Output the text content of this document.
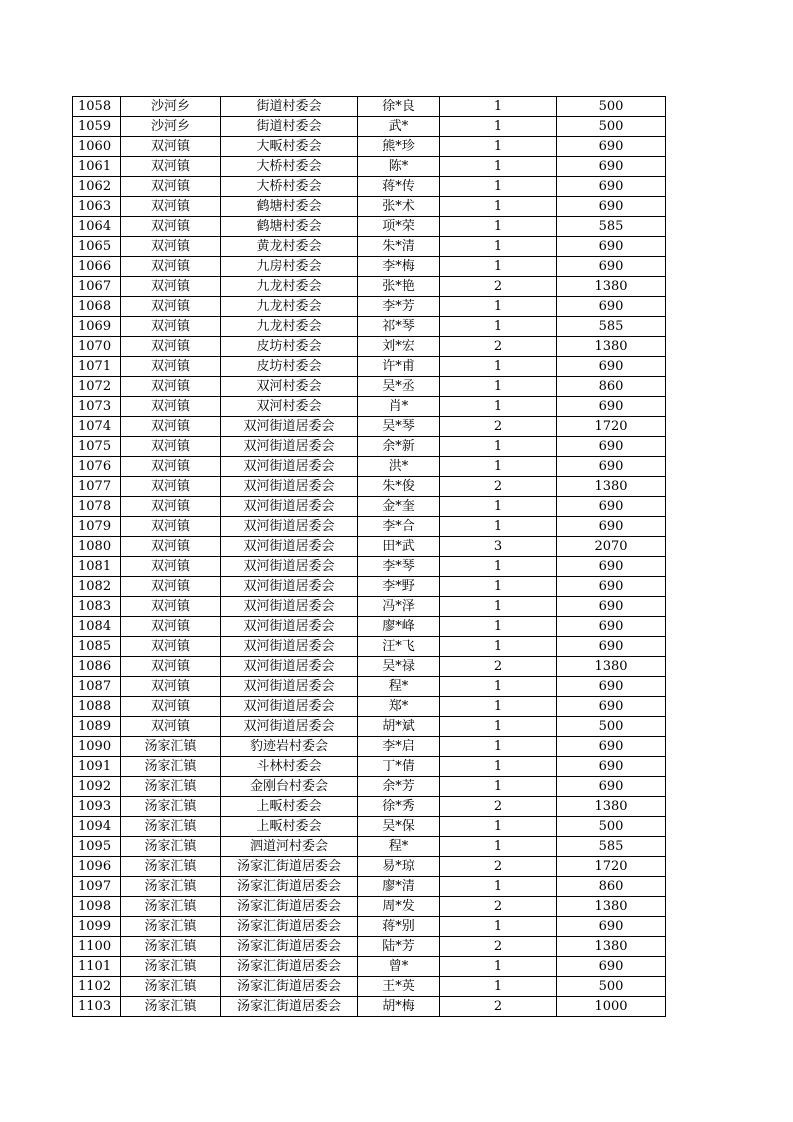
1058	沙河乡	街道村委会	徐*良	1	500
1059	沙河乡	街道村委会	武*	1	500
1060	双河镇	大畈村委会	熊*珍	1	690
1061	双河镇	大桥村委会	陈*	1	690
1062	双河镇	大桥村委会	蒋*传	1	690
1063	双河镇	鹤塘村委会	张*术	1	690
1064	双河镇	鹤塘村委会	项*荣	1	585
1065	双河镇	黄龙村委会	朱*清	1	690
1066	双河镇	九房村委会	李*梅	1	690
1067	双河镇	九龙村委会	张*艳	2	1380
1068	双河镇	九龙村委会	李*芳	1	690
1069	双河镇	九龙村委会	祁*琴	1	585
1070	双河镇	皮坊村委会	刘*宏	2	1380
1071	双河镇	皮坊村委会	许*甫	1	690
1072	双河镇	双河村委会	吴*丞	1	860
1073	双河镇	双河村委会	肖*	1	690
1074	双河镇	双河街道居委会	吴*琴	2	1720
1075	双河镇	双河街道居委会	余*新	1	690
1076	双河镇	双河街道居委会	洪*	1	690
1077	双河镇	双河街道居委会	朱*俊	2	1380
1078	双河镇	双河街道居委会	金*奎	1	690
1079	双河镇	双河街道居委会	李*合	1	690
1080	双河镇	双河街道居委会	田*武	3	2070
1081	双河镇	双河街道居委会	李*琴	1	690
1082	双河镇	双河街道居委会	李*野	1	690
1083	双河镇	双河街道居委会	冯*泽	1	690
1084	双河镇	双河街道居委会	廖*峰	1	690
1085	双河镇	双河街道居委会	汪*飞	1	690
1086	双河镇	双河街道居委会	吴*禄	2	1380
1087	双河镇	双河街道居委会	程*	1	690
1088	双河镇	双河街道居委会	郑*	1	690
1089	双河镇	双河街道居委会	胡*斌	1	500
1090	汤家汇镇	豹迹岩村委会	李*启	1	690
1091	汤家汇镇	斗林村委会	丁*倩	1	690
1092	汤家汇镇	金刚台村委会	余*芳	1	690
1093	汤家汇镇	上畈村委会	徐*秀	2	1380
1094	汤家汇镇	上畈村委会	吴*保	1	500
1095	汤家汇镇	泗道河村委会	程*	1	585
1096	汤家汇镇	汤家汇街道居委会	易*琼	2	1720
1097	汤家汇镇	汤家汇街道居委会	廖*清	1	860
1098	汤家汇镇	汤家汇街道居委会	周*发	2	1380
1099	汤家汇镇	汤家汇街道居委会	蒋*别	1	690
1100	汤家汇镇	汤家汇街道居委会	陆*芳	2	1380
1101	汤家汇镇	汤家汇街道居委会	曾*	1	690
1102	汤家汇镇	汤家汇街道居委会	王*英	1	500
1103	汤家汇镇	汤家汇街道居委会	胡*梅	2	1000
